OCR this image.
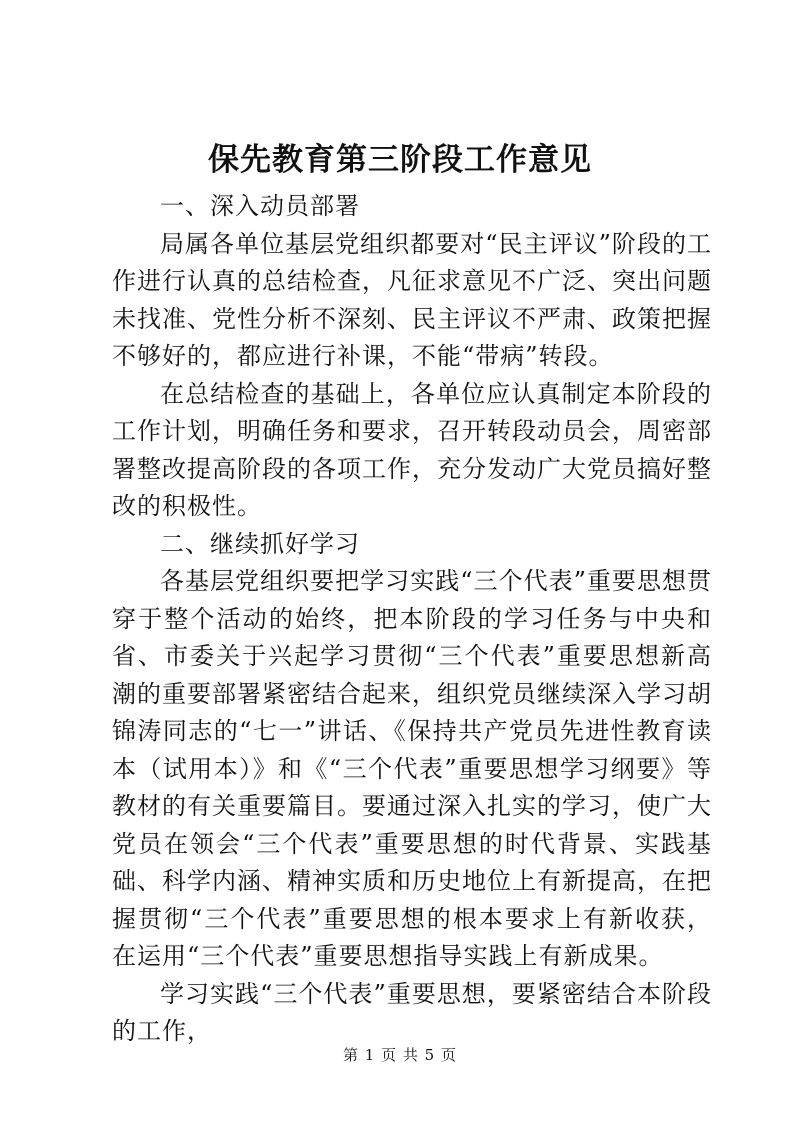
保先教育第三阶段工作意见

一、深入动员部署

局属各单位基层党组织都要对“民主评议”阶段的工作进行认真的总结检查，凡征求意见不广泛、突出问题未找准、党性分析不深刻、民主评议不严肃、政策把握不够好的，都应进行补课，不能“带病”转段。

在总结检查的基础上，各单位应认真制定本阶段的工作计划，明确任务和要求，召开转段动员会，周密部署整改提高阶段的各项工作，充分发动广大党员搞好整改的积极性。

二、继续抓好学习

各基层党组织要把学习实践“三个代表”重要思想贯穿于整个活动的始终，把本阶段的学习任务与中央和省、市委关于兴起学习贯彻“三个代表”重要思想新高潮的重要部署紧密结合起来，组织党员继续深入学习胡锦涛同志的“七一”讲话、《保持共产党员先进性教育读本（试用本）》和《“三个代表”重要思想学习纲要》等教材的有关重要篇目。要通过深入扎实的学习，使广大党员在领会“三个代表”重要思想的时代背景、实践基础、科学内涵、精神实质和历史地位上有新提高，在把握贯彻“三个代表”重要思想的根本要求上有新收获，在运用“三个代表”重要思想指导实践上有新成果。

学习实践“三个代表”重要思想，要紧密结合本阶段的工作，

第 1 页 共 5 页
